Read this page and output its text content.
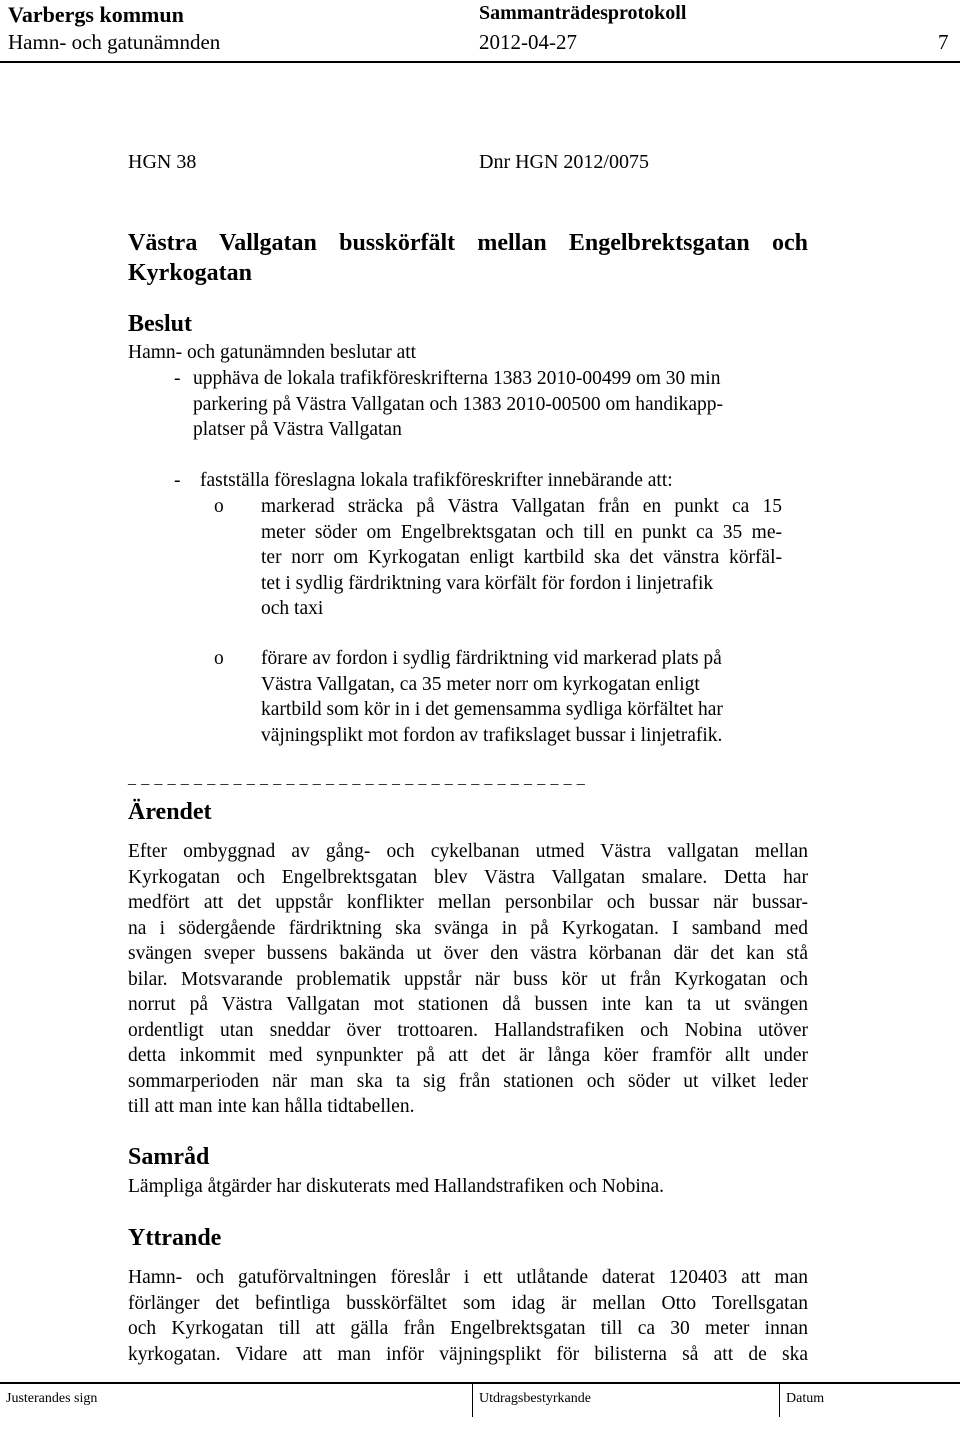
Varbergs kommun	Sammanträdesprotokoll
Hamn- och gatunämnden	2012-04-27	7
HGN 38	Dnr HGN 2012/0075
Västra Vallgatan busskörfält mellan Engelbrektsgatan och
Kyrkogatan
Beslut
Hamn- och gatunämnden beslutar att
- upphäva de lokala trafikföreskrifterna 1383 2010-00499 om 30 min
parkering på Västra Vallgatan och 1383 2010-00500 om handikapp-
platser på Västra Vallgatan
- fastställa föreslagna lokala trafikföreskrifter innebärande att:
o markerad sträcka på Västra Vallgatan från en punkt ca 15
meter söder om Engelbrektsgatan och till en punkt ca 35 me-
ter norr om Kyrkogatan enligt kartbild ska det vänstra körfäl-
tet i sydlig färdriktning vara körfält för fordon i linjetrafik
och taxi
o förare av fordon i sydlig färdriktning vid markerad plats på
Västra Vallgatan, ca 35 meter norr om kyrkogatan enligt
kartbild som kör in i det gemensamma sydliga körfältet har
väjningsplikt mot fordon av trafikslaget bussar i linjetrafik.
_ _ _ _ _ _ _ _ _ _ _ _ _ _ _ _ _ _ _ _ _ _ _ _ _ _ _ _ _ _ _ _ _ _ _
Ärendet
Efter ombyggnad av gång- och cykelbanan utmed Västra vallgatan mellan
Kyrkogatan och Engelbrektsgatan blev Västra Vallgatan smalare. Detta har
medfört att det uppstår konflikter mellan personbilar och bussar när bussar-
na i södergående färdriktning ska svänga in på Kyrkogatan. I samband med
svängen sveper bussens bakända ut över den västra körbanan där det kan stå
bilar. Motsvarande problematik uppstår när buss kör ut från Kyrkogatan och
norrut på Västra Vallgatan mot stationen då bussen inte kan ta ut svängen
ordentligt utan sneddar över trottoaren. Hallandstrafiken och Nobina utöver
detta inkommit med synpunkter på att det är långa köer framför allt under
sommarperioden när man ska ta sig från stationen och söder ut vilket leder
till att man inte kan hålla tidtabellen.
Samråd
Lämpliga åtgärder har diskuterats med Hallandstrafiken och Nobina.
Yttrande
Hamn- och gatuförvaltningen föreslår i ett utlåtande daterat 120403 att man
förlänger det befintliga busskörfältet som idag är mellan Otto Torellsgatan
och Kyrkogatan till att gälla från Engelbrektsgatan till ca 30 meter innan
kyrkogatan. Vidare att man inför väjningsplikt för bilisterna så att de ska
Justerandes sign	Utdragsbestyrkande	Datum
